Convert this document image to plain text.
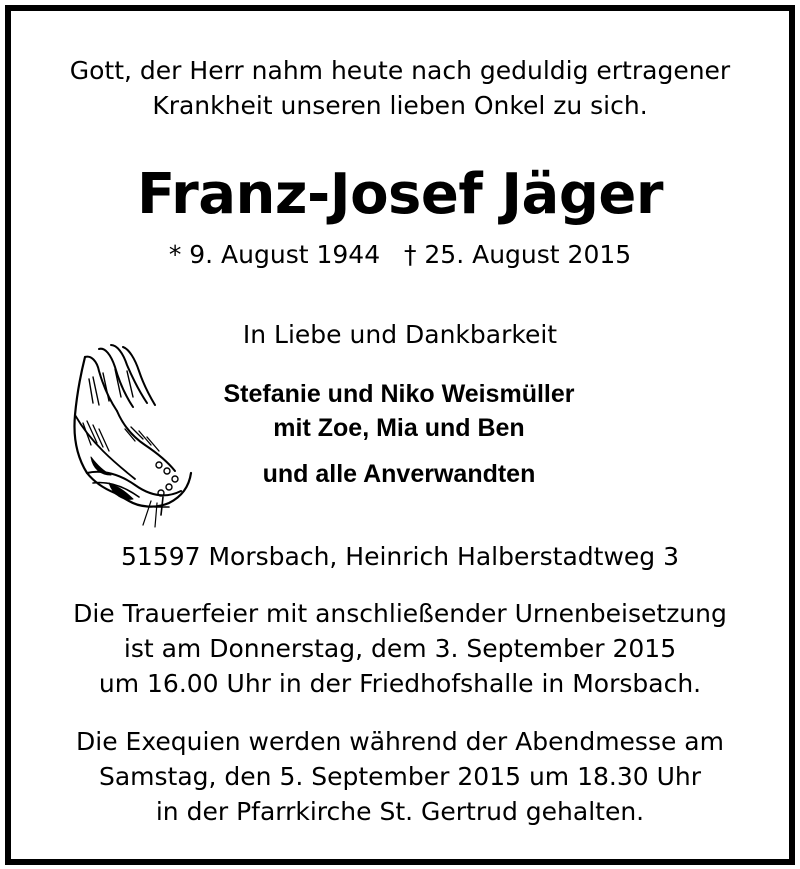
Gott, der Herr nahm heute nach geduldig ertragener
Krankheit unseren lieben Onkel zu sich.
Franz-Josef Jäger
* 9. August 1944   † 25. August 2015
In Liebe und Dankbarkeit
Stefanie und Niko Weismüller
mit Zoe, Mia und Ben
und alle Anverwandten
51597 Morsbach, Heinrich Halberstadtweg 3
Die Trauerfeier mit anschließender Urnenbeisetzung
ist am Donnerstag, dem 3. September 2015
um 16.00 Uhr in der Friedhofshalle in Morsbach.
Die Exequien werden während der Abendmesse am
Samstag, den 5. September 2015 um 18.30 Uhr
in der Pfarrkirche St. Gertrud gehalten.
